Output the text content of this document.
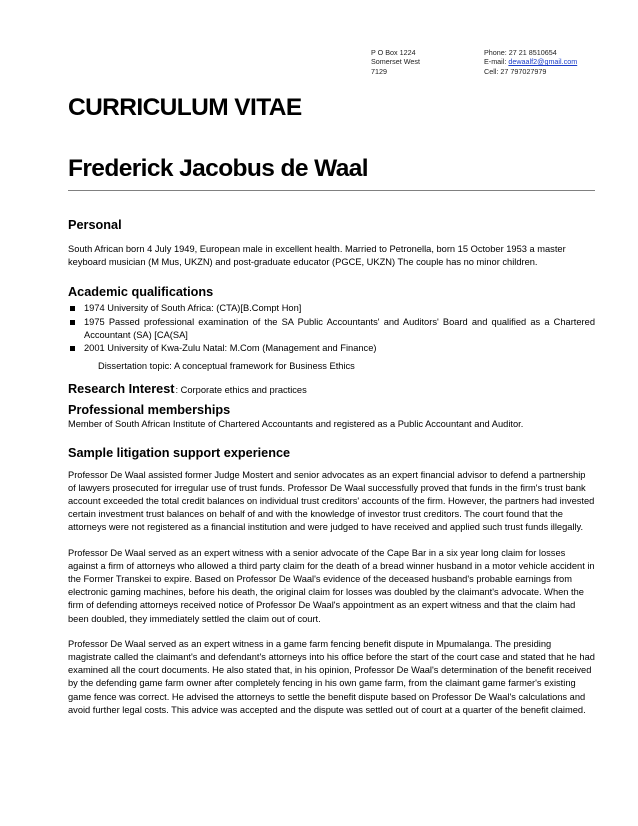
P O Box 1224
Somerset West
7129
Phone: 27 21 8510654
E-mail: dewaalf2@gmail.com
Cell: 27 797027979
CURRICULUM VITAE
Frederick Jacobus de Waal
Personal

South African born 4 July 1949, European male in excellent health. Married to Petronella, born 15 October 1953 a master keyboard musician (M Mus, UKZN) and post-graduate educator (PGCE, UKZN) The couple has no minor children.

Academic qualifications
1974 University of South Africa: (CTA)[B.Compt Hon]
1975 Passed professional examination of the SA Public Accountants' and Auditors' Board and qualified as a Chartered Accountant (SA) [CA(SA]
2001 University of Kwa-Zulu Natal: M.Com (Management and Finance)
Dissertation topic: A conceptual framework for Business Ethics
Research Interest : Corporate ethics and practices
Professional memberships

Member of South African Institute of Chartered Accountants and registered as a Public Accountant and Auditor.

Sample litigation support experience

Professor De Waal assisted former Judge Mostert and senior advocates as an expert financial advisor to defend a partnership of lawyers prosecuted for irregular use of trust funds. Professor De Waal successfully proved that funds in the firm's trust bank account exceeded the total credit balances on individual trust creditors' accounts of the firm. However, the partners had invested certain investment trust balances on behalf of and with the knowledge of investor trust creditors. The court found that the attorneys were not registered as a financial institution and were judged to have received and applied such trust funds illegally.

Professor De Waal served as an expert witness with a senior advocate of the Cape Bar in a six year long claim for losses against a firm of attorneys who allowed a third party claim for the death of a bread winner husband in a motor vehicle accident in the Former Transkei to expire. Based on Professor De Waal's evidence of the deceased husband's probable earnings from electronic gaming machines, before his death, the original claim for losses was doubled by the claimant's advocate. When the firm of defending attorneys received notice of Professor De Waal's appointment as an expert witness and that the claim had been doubled, they immediately settled the claim out of court.

Professor De Waal served as an expert witness in a game farm fencing benefit dispute in Mpumalanga. The presiding magistrate called the claimant's and defendant's attorneys into his office before the start of the court case and stated that he had examined all the court documents. He also stated that, in his opinion, Professor De Waal's determination of the benefit received by the defending game farm owner after completely fencing in his own game farm, from the claimant game farmer's existing game fence was correct. He advised the attorneys to settle the benefit dispute based on Professor De Waal's calculations and avoid further legal costs. This advice was accepted and the dispute was settled out of court at a quarter of the benefit claimed.
